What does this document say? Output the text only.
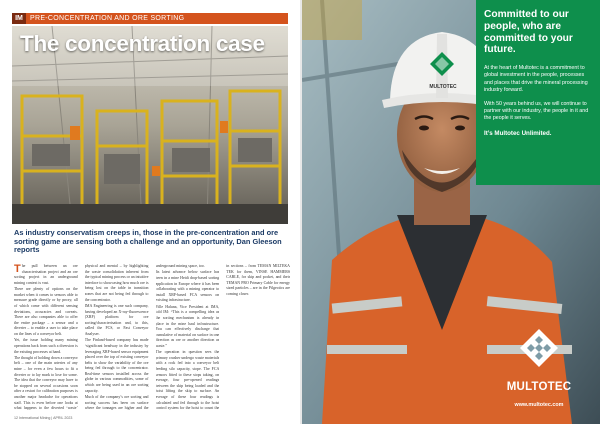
IM	PRE-CONCENTRATION AND ORE SORTING
The concentration case
As industry conservatism creeps in, those in the pre-concentration and ore sorting game are sensing both a challenge and an opportunity, Dan Gleeson reports

The pull between an ore characterisation project and an ore sorting project in an underground mining context is vast.

There are plenty of options on the market when it comes to sensors able to measure grade directly or by proxy; all of which come with different sensing deviations, accuracies and caveats. There are also companies able to offer the entire package – a sensor and a diverter – to enable a user to take place on the lines of a conveyor belt.

Yet, the issue holding many mining operations back from such a diversion is the existing processes at hand.

The thought of holding down a conveyor belt – one of the main arteries of any mine – for even a few hours to fit a diverter or to lay mark to lose for some. The idea that the conveyor may have to be stopped on several occasions soon after a restart for calibration purposes is another major headache for operations staff. This is even before one looks at what happens to the diverted ‘waste’

physical and mental – by highlighting the waste consolidation inherent from the typical mining process or an intuitive interface to showcasing how much ore is being lost on the table in transition zones that are not being fed through to the concentrator.

IMA Engineering is one such company, having developed an X-ray-fluorescence (XRF) platform for ore sorting/characterisation and, to this, called the FCS, or Fast Conveyor Analyser.

The Finland-based company has made ‘significant headway in the industry by leveraging XRF-based sensor equipment placed over the top of existing conveyor belts to show the variability of the ore being fed through to the concentrator. Real-time sensors installed across the globe in various commodities, some of which are being used in an ore sorting capacity.

Much of the company’s ore sorting and sorting success has been on surface where the tonnages are higher and the

underground mining space, too.

Its latest advance below surface has been in a mine Heidi drop-based sorting application in Europe where it has been collaborating with a mining operator to install XRF-based FCA sensors on existing infrastructure.

Ville Haluna, Vice President at IMA, told IM: “This is a compelling idea as the sorting mechanism is already in place in the mine haul infrastructure. You can effectively discharge that cumulative of material on surface in one direction as ore or another direction as waste.”

The operation in question sees the primary crusher undergo waste materials with a rock fed into a conveyor belt feeding silo capacity, stope. The FCA sensors fitted to these stops taking, on average, four pre-opened readings between the skip being loaded and the hoist lifting the skip to surface. An average of these four readings is calculated and fed through to the hoist control system for the hoist to count the

in sections – from TEMAN MILTEKA TEK for them, VINSE HAMMERS CABLE, for skip and pocket, and their TEMAN PRO Primary Cable for energy sized particles – are in the Pilgeotics are coming closer.

12 International Mining | APRIL 2023
MULTOTEC
Committed to our people, who are committed to your future.
At the heart of Multotec is a commitment to global investment in the people, processes and places that drive the mineral processing industry forward.
With 50 years behind us, we will continue to partner with our industry, the people in it and the people it serves.
It’s Multotec Unlimited.
MULTOTEC
www.multotec.com
